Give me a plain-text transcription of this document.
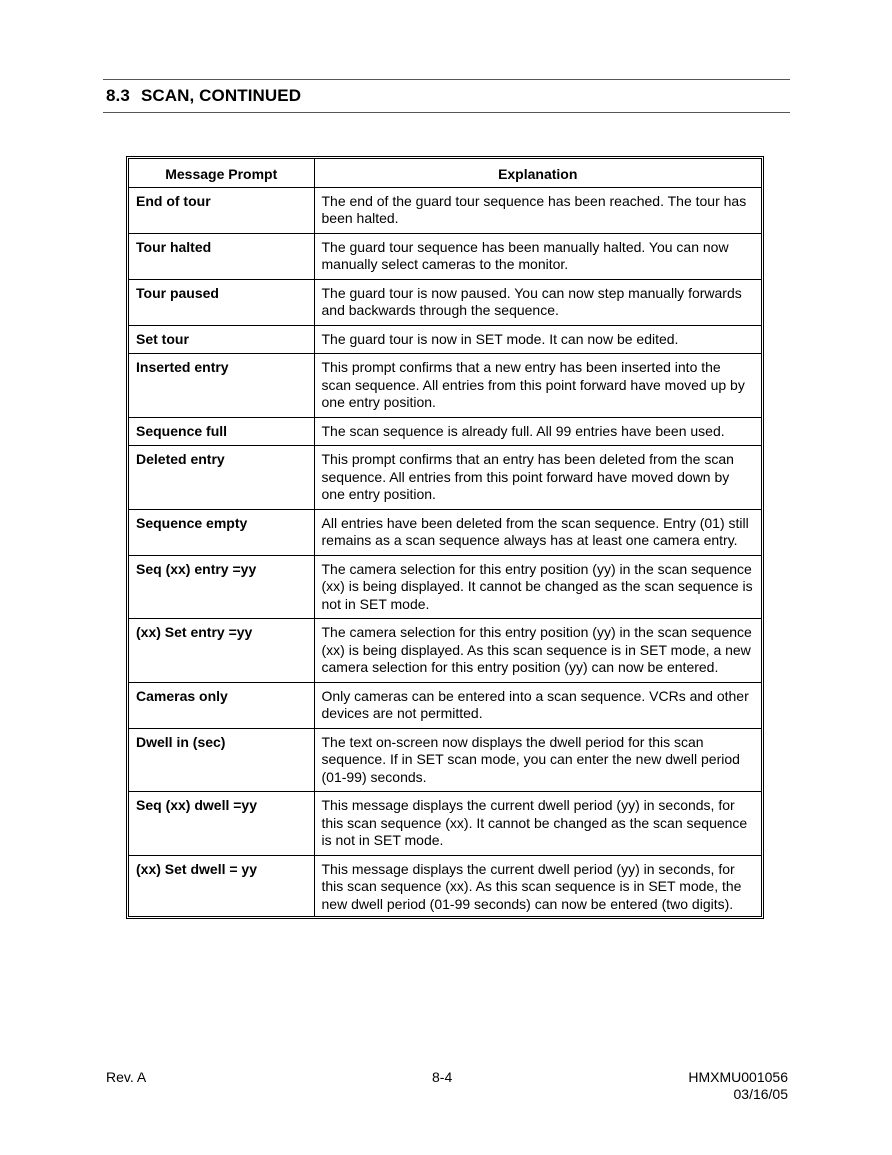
8.3 SCAN, CONTINUED
Message Prompt	Explanation
End of tour	The end of the guard tour sequence has been reached. The tour has been halted.
Tour halted	The guard tour sequence has been manually halted. You can now manually select cameras to the monitor.
Tour paused	The guard tour is now paused. You can now step manually forwards and backwards through the sequence.
Set tour	The guard tour is now in SET mode. It can now be edited.
Inserted entry	This prompt confirms that a new entry has been inserted into the scan sequence. All entries from this point forward have moved up by one entry position.
Sequence full	The scan sequence is already full. All 99 entries have been used.
Deleted entry	This prompt confirms that an entry has been deleted from the scan sequence. All entries from this point forward have moved down by one entry position.
Sequence empty	All entries have been deleted from the scan sequence. Entry (01) still remains as a scan sequence always has at least one camera entry.
Seq (xx) entry =yy	The camera selection for this entry position (yy) in the scan sequence (xx) is being displayed. It cannot be changed as the scan sequence is not in SET mode.
(xx) Set entry =yy	The camera selection for this entry position (yy) in the scan sequence (xx) is being displayed. As this scan sequence is in SET mode, a new camera selection for this entry position (yy) can now be entered.
Cameras only	Only cameras can be entered into a scan sequence. VCRs and other devices are not permitted.
Dwell in (sec)	The text on-screen now displays the dwell period for this scan sequence. If in SET scan mode, you can enter the new dwell period (01-99) seconds.
Seq (xx) dwell =yy	This message displays the current dwell period (yy) in seconds, for this scan sequence (xx). It cannot be changed as the scan sequence is not in SET mode.
(xx) Set dwell = yy	This message displays the current dwell period (yy) in seconds, for this scan sequence (xx). As this scan sequence is in SET mode, the new dwell period (01-99 seconds) can now be entered (two digits).
Rev. A	8-4	HMXMU001056
03/16/05
